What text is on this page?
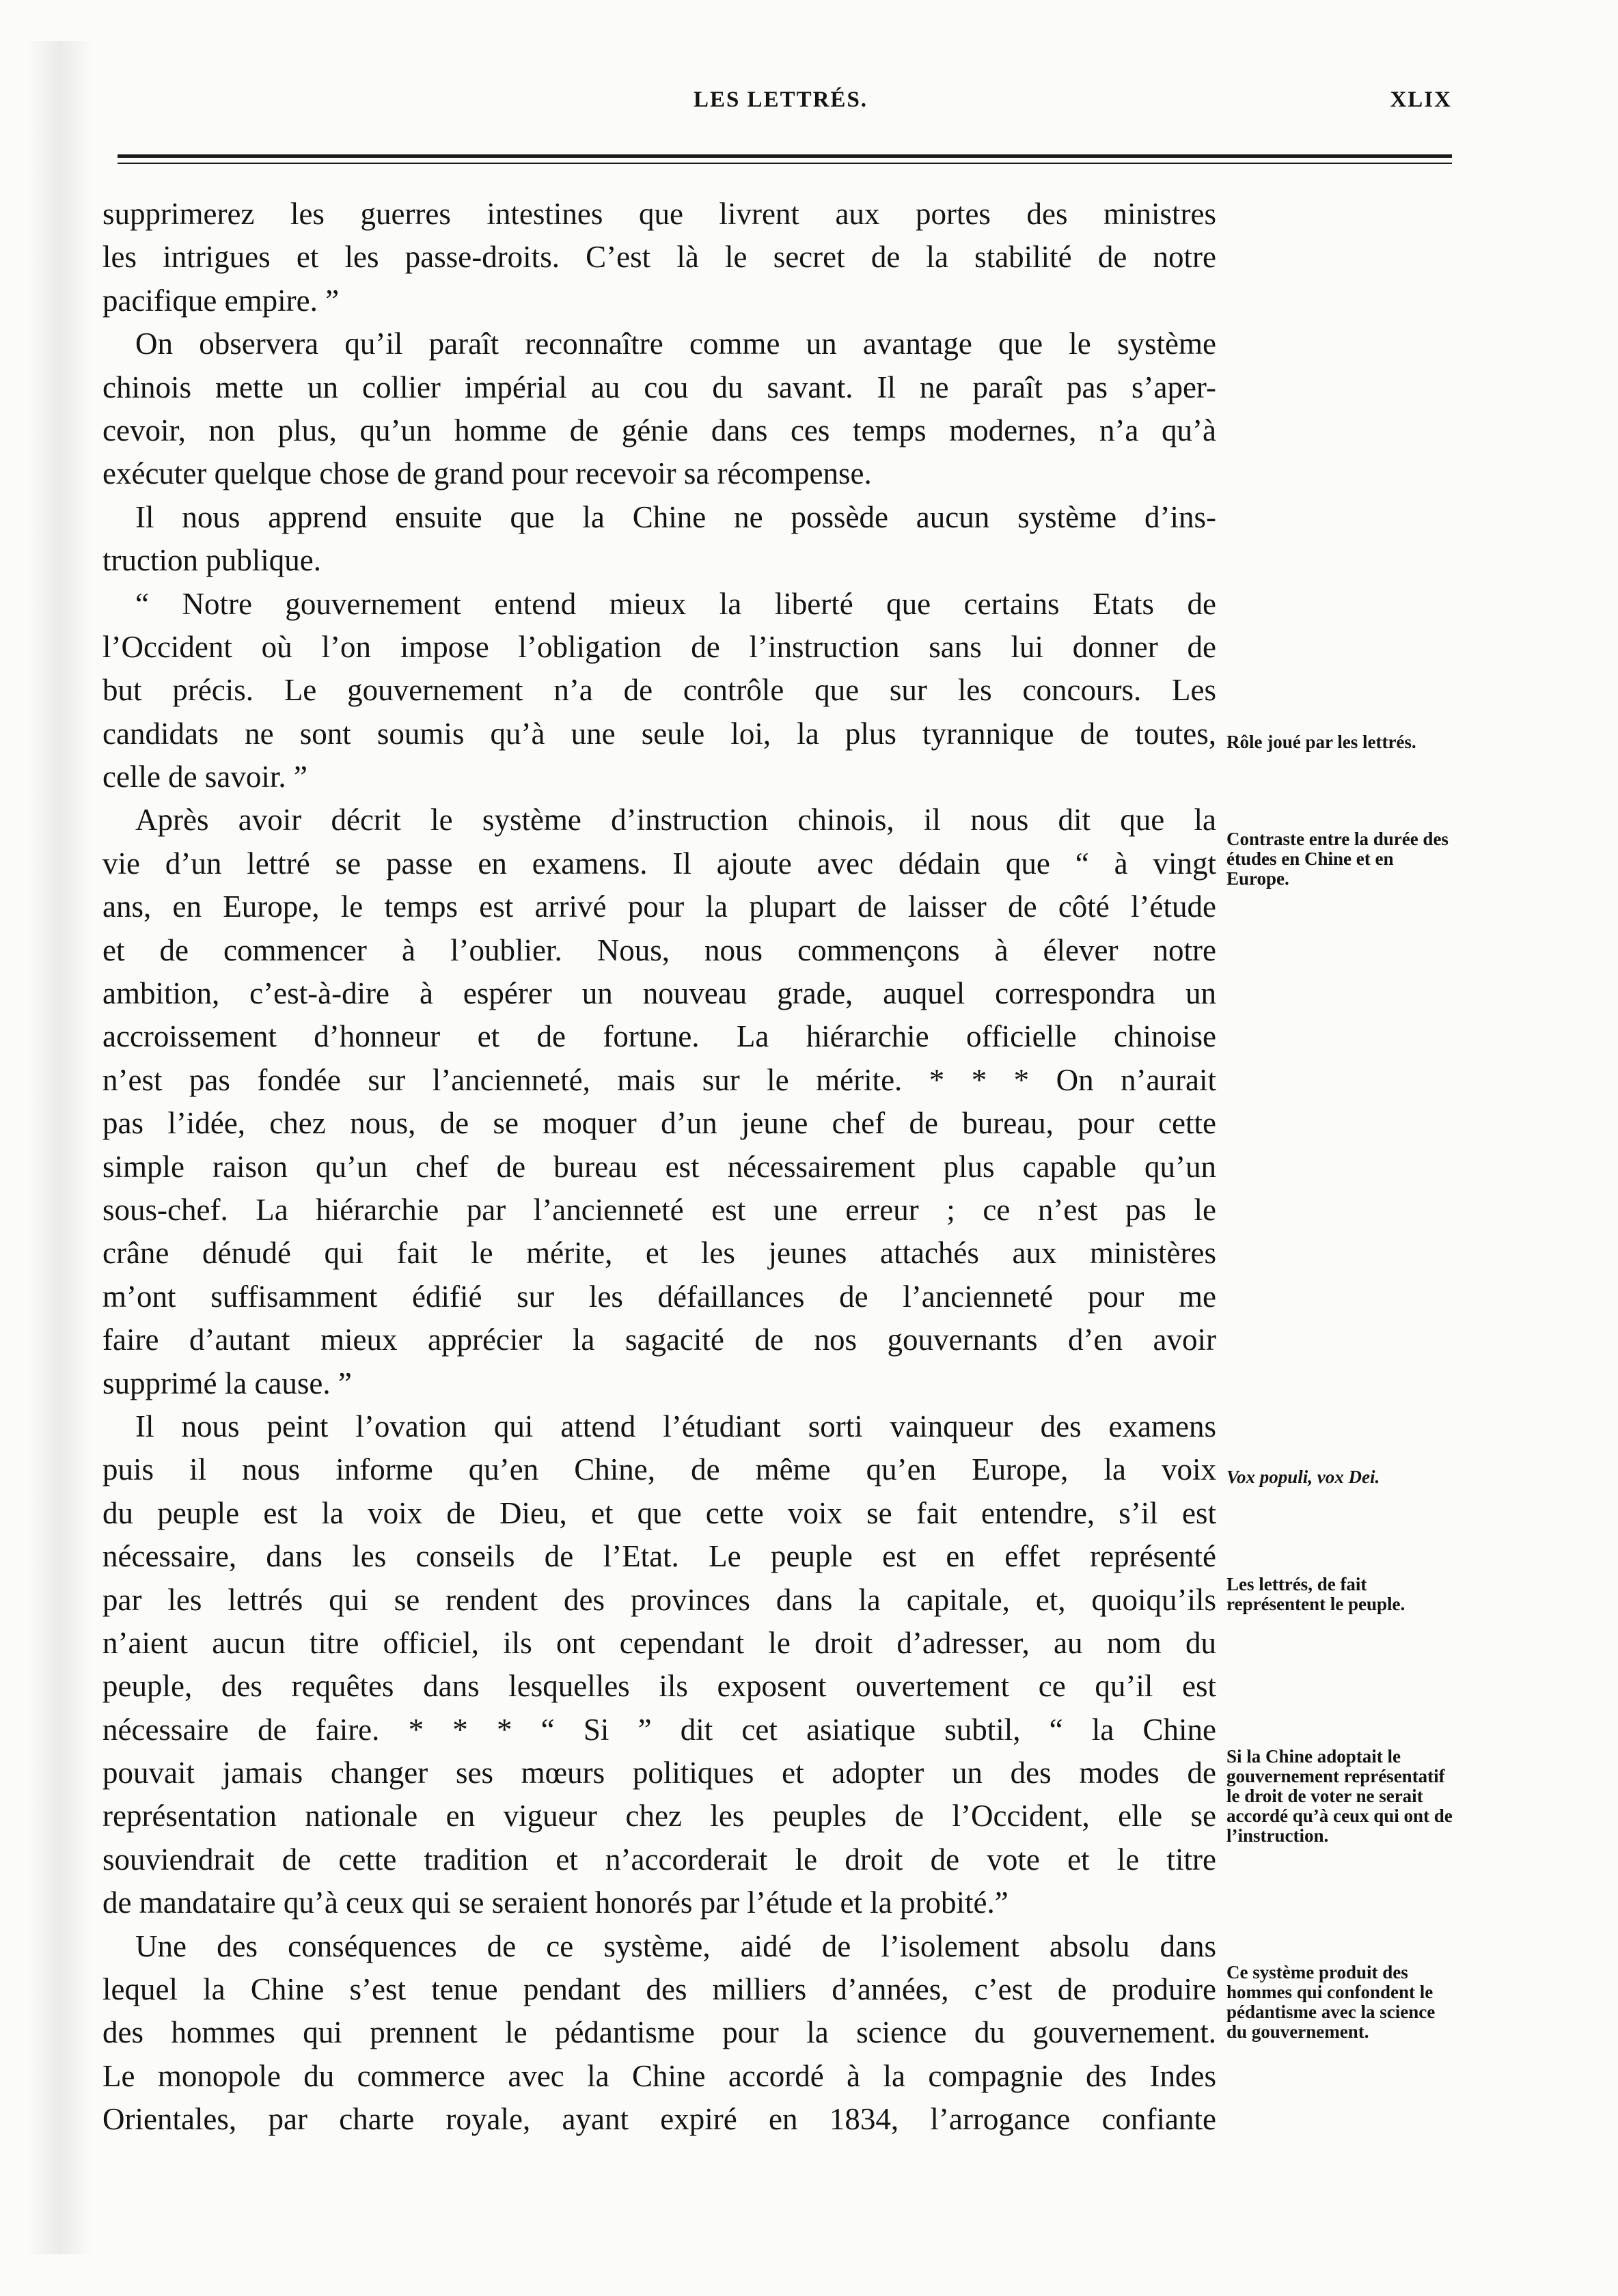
LES LETTRÉS.	XLIX
supprimerez les guerres intestines que livrent aux portes des ministres
les intrigues et les passe-droits. C’est là le secret de la stabilité de notre
pacifique empire. ”
On observera qu’il paraît reconnaître comme un avantage que le système
chinois mette un collier impérial au cou du savant. Il ne paraît pas s’aper-
cevoir, non plus, qu’un homme de génie dans ces temps modernes, n’a qu’à
exécuter quelque chose de grand pour recevoir sa récompense.
Il nous apprend ensuite que la Chine ne possède aucun système d’ins-
truction publique.
“ Notre gouvernement entend mieux la liberté que certains Etats de
l’Occident où l’on impose l’obligation de l’instruction sans lui donner de
but précis. Le gouvernement n’a de contrôle que sur les concours. Les
candidats ne sont soumis qu’à une seule loi, la plus tyrannique de toutes,
celle de savoir. ”
Après avoir décrit le système d’instruction chinois, il nous dit que la
vie d’un lettré se passe en examens. Il ajoute avec dédain que “ à vingt
ans, en Europe, le temps est arrivé pour la plupart de laisser de côté l’étude
et de commencer à l’oublier. Nous, nous commençons à élever notre
ambition, c’est-à-dire à espérer un nouveau grade, auquel correspondra un
accroissement d’honneur et de fortune. La hiérarchie officielle chinoise
n’est pas fondée sur l’ancienneté, mais sur le mérite. * * * On n’aurait
pas l’idée, chez nous, de se moquer d’un jeune chef de bureau, pour cette
simple raison qu’un chef de bureau est nécessairement plus capable qu’un
sous-chef. La hiérarchie par l’ancienneté est une erreur ; ce n’est pas le
crâne dénudé qui fait le mérite, et les jeunes attachés aux ministères
m’ont suffisamment édifié sur les défaillances de l’ancienneté pour me
faire d’autant mieux apprécier la sagacité de nos gouvernants d’en avoir
supprimé la cause. ”
Il nous peint l’ovation qui attend l’étudiant sorti vainqueur des examens
puis il nous informe qu’en Chine, de même qu’en Europe, la voix
du peuple est la voix de Dieu, et que cette voix se fait entendre, s’il est
nécessaire, dans les conseils de l’Etat. Le peuple est en effet représenté
par les lettrés qui se rendent des provinces dans la capitale, et, quoiqu’ils
n’aient aucun titre officiel, ils ont cependant le droit d’adresser, au nom du
peuple, des requêtes dans lesquelles ils exposent ouvertement ce qu’il est
nécessaire de faire. * * * “ Si ” dit cet asiatique subtil, “ la Chine
pouvait jamais changer ses mœurs politiques et adopter un des modes de
représentation nationale en vigueur chez les peuples de l’Occident, elle se
souviendrait de cette tradition et n’accorderait le droit de vote et le titre
de mandataire qu’à ceux qui se seraient honorés par l’étude et la probité.”
Une des conséquences de ce système, aidé de l’isolement absolu dans
lequel la Chine s’est tenue pendant des milliers d’années, c’est de produire
des hommes qui prennent le pédantisme pour la science du gouvernement.
Le monopole du commerce avec la Chine accordé à la compagnie des Indes
Orientales, par charte royale, ayant expiré en 1834, l’arrogance confiante
Rôle joué par les lettrés.
Contraste entre la durée des études en Chine et en Europe.
Vox populi, vox Dei.
Les lettrés, de fait représentent le peuple.
Si la Chine adoptait le gouvernement représentatif le droit de voter ne serait accordé qu’à ceux qui ont de l’instruction.
Ce système produit des hommes qui confondent le pédantisme avec la science du gouvernement.
